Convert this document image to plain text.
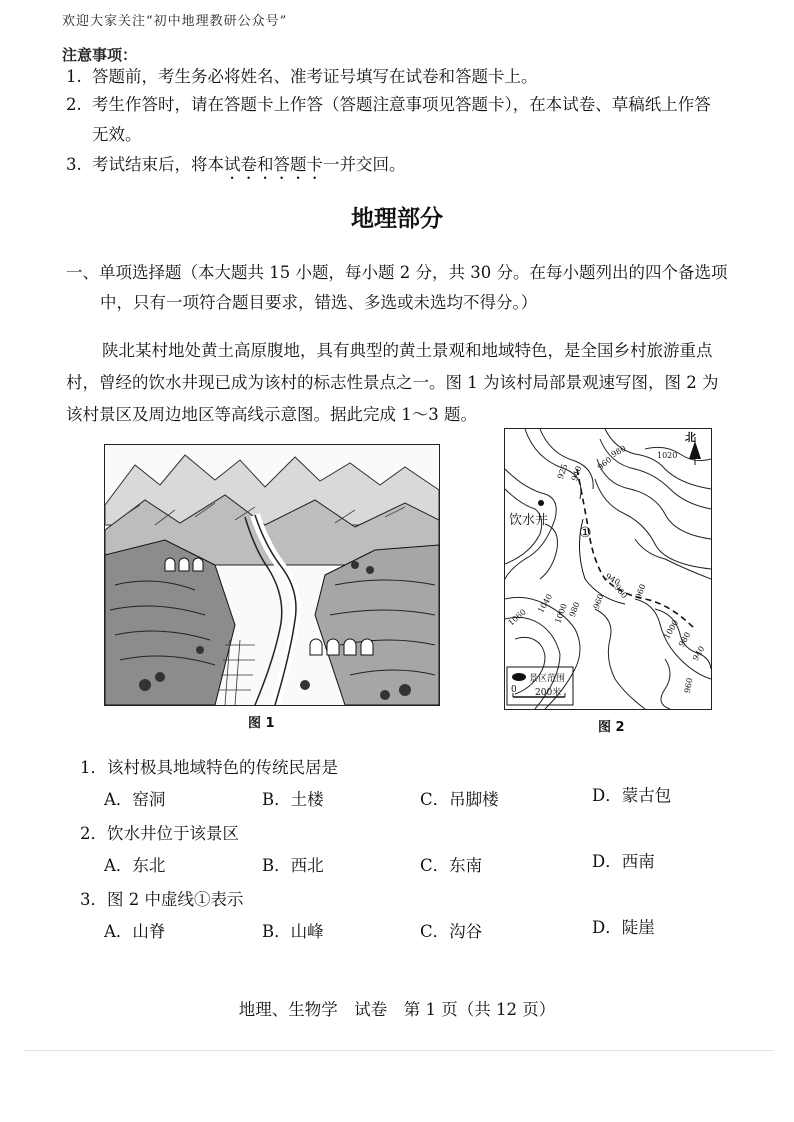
欢迎大家关注“初中地理教研公众号”
注意事项：
1. 答题前，考生务必将姓名、准考证号填写在试卷和答题卡上。
2. 考生作答时，请在答题卡上作答（答题注意事项见答题卡），在本试卷、草稿纸上作答
无效。
3. 考试结束后，将本试卷和答题卡一并交回。
地理部分
一、单项选择题（本大题共 15 小题，每小题 2 分，共 30 分。在每小题列出的四个备选项
中，只有一项符合题目要求，错选、多选或未选均不得分。）
陕北某村地处黄土高原腹地，具有典型的黄土景观和地域特色，是全国乡村旅游重点
村，曾经的饮水井现已成为该村的标志性景点之一。图 1 为该村局部景观速写图，图 2 为
该村景区及周边地区等高线示意图。据此完成 1～3 题。
图 1
北
饮水井
①
925 940
960
980	1020
940
960
1060
1040 1000
980 960
960
1000
980
940
960
景区范围
0 200米
图 2
1．该村极具地域特色的传统民居是
A．窑洞	B．土楼	C．吊脚楼	D．蒙古包
2．饮水井位于该景区
A．东北	B．西北	C．东南	D．西南
3．图 2 中虚线①表示
A．山脊	B．山峰	C．沟谷	D．陡崖
地理、生物学　试卷　第 1 页（共 12 页）
